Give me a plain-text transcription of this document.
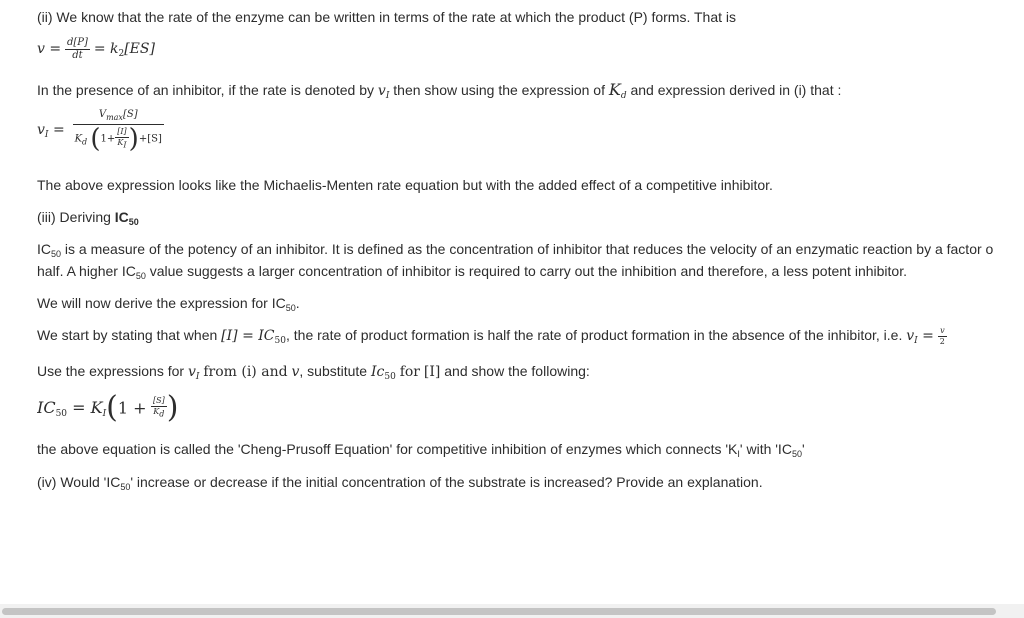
(ii) We know that the rate of the enzyme can be written in terms of the rate at which the product (P) forms. That is
$v = \frac{d[P]}{dt} = k_2[ES]$
In the presence of an inhibitor, if the rate is denoted by $v_I$ then show using the expression of $K_d$ and expression derived in (i) that :
$v_I = \frac{V_{max}[S]}{K_d (1+ \frac{[I]}{K_I} )+[S]}$
The above expression looks like the Michaelis-Menten rate equation but with the added effect of a competitive inhibitor.
(iii) Deriving $IC_{50}$
$IC_{50}$ is a measure of the potency of an inhibitor. It is defined as the concentration of inhibitor that reduces the velocity of an enzymatic reaction by a factor o
half. A higher $IC_{50}$ value suggests a larger concentration of inhibitor is required to carry out the inhibition and therefore, a less potent inhibitor.
We will now derive the expression for $IC_{50}$.
We start by stating that when $[I] = IC_{50}$, the rate of product formation is half the rate of product formation in the absence of the inhibitor, i.e. $v_I = \frac{v}{2}$
Use the expressions for $v_I$ from (i) and v, substitute $Ic_{50}$ for [I] and show the following:
$IC_{50} = K_I(1 + \frac{[S]}{K_d}$ )
the above equation is called the 'Cheng-Prusoff Equation' for competitive inhibition of enzymes which connects '$K_I$' with '$IC_{50}$'
(iv) Would '$IC_{50}$' increase or decrease if the initial concentration of the substrate is increased? Provide an explanation.
